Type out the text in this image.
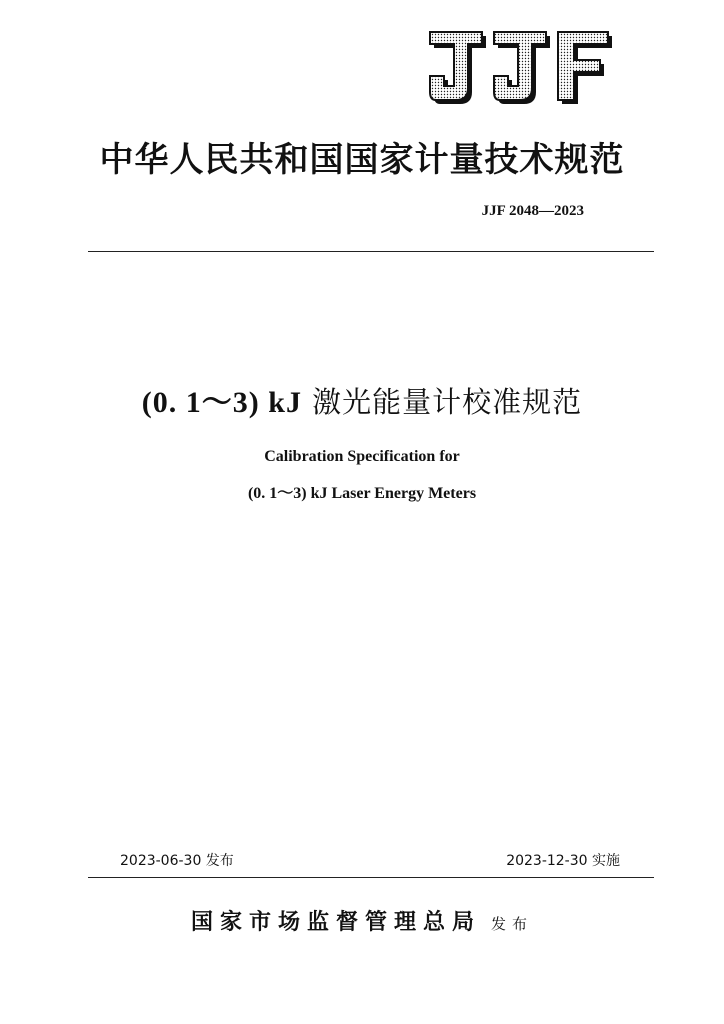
中华人民共和国国家计量技术规范
JJF 2048—2023
(0. 1～3) kJ 激光能量计校准规范
Calibration Specification for
(0. 1～3) kJ Laser Energy Meters
2023-06-30 发布	2023-12-30 实施
国家市场监督管理总局 发布
